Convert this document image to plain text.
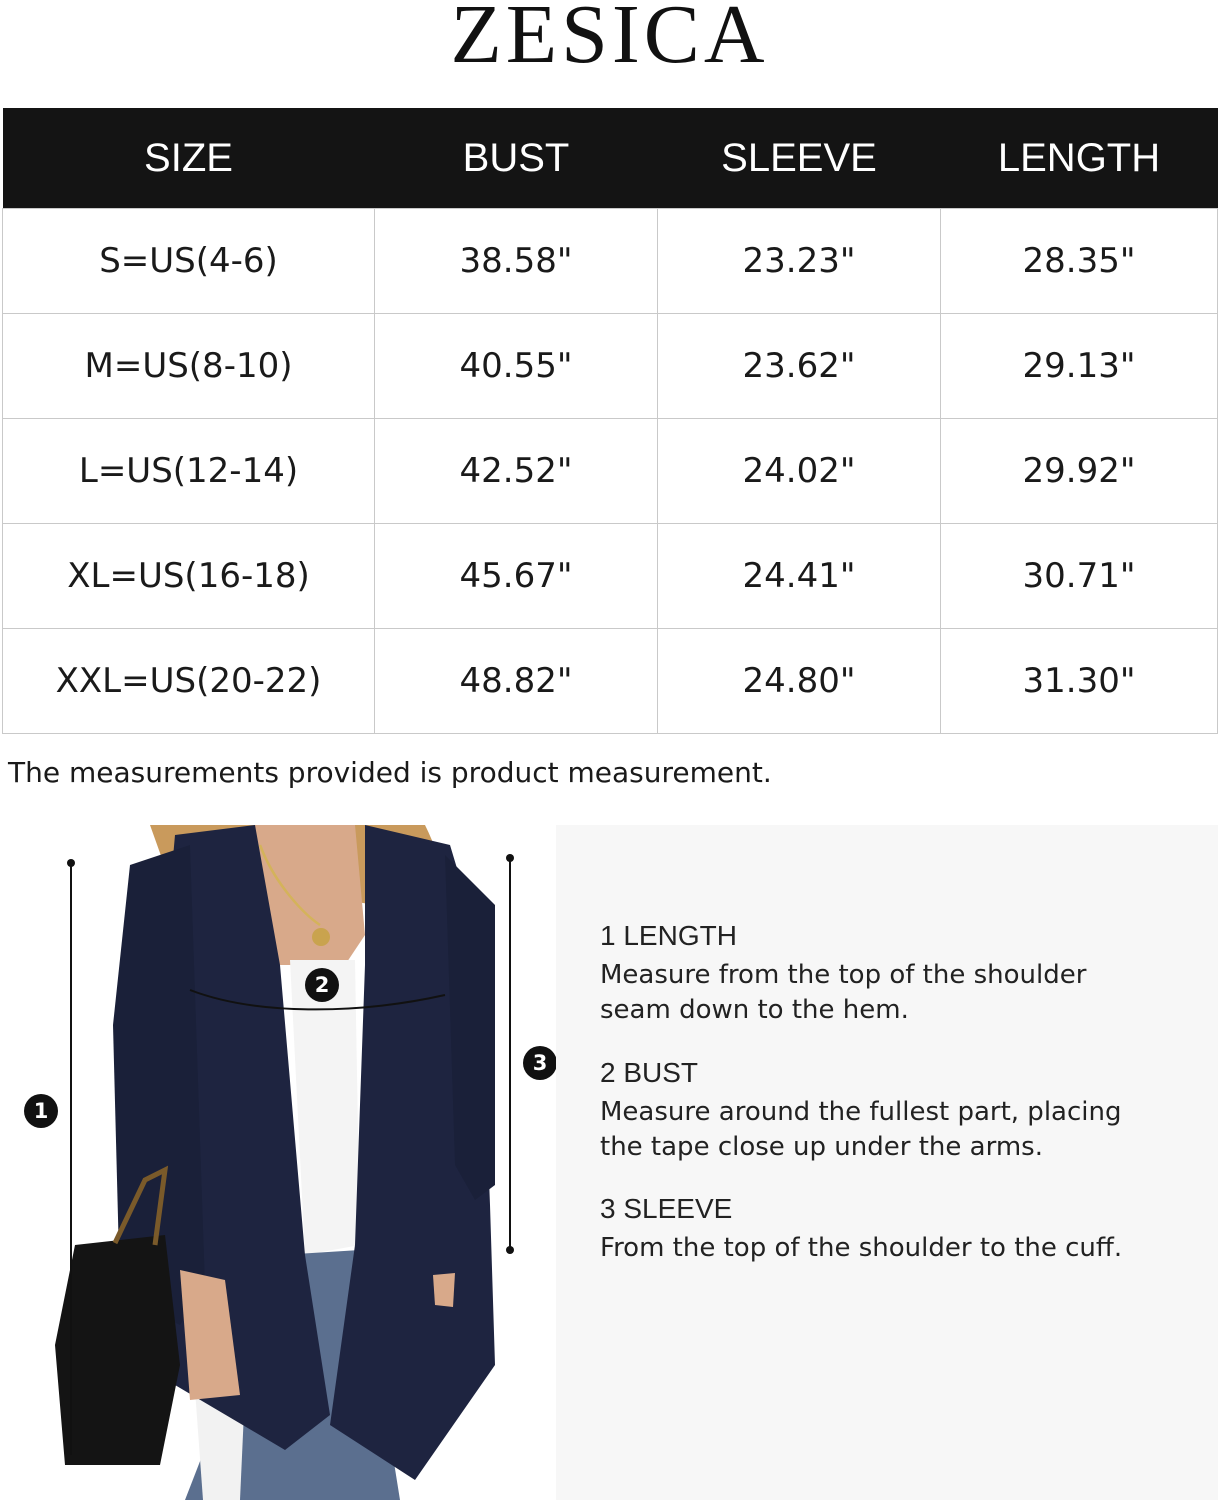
ZESICA
SIZE	BUST	SLEEVE	LENGTH
S=US(4-6)	38.58"	23.23"	28.35"
M=US(8-10)	40.55"	23.62"	29.13"
L=US(12-14)	42.52"	24.02"	29.92"
XL=US(16-18)	45.67"	24.41"	30.71"
XXL=US(20-22)	48.82"	24.80"	31.30"
The measurements provided is product measurement.
1
2
3
1 LENGTH
Measure from the top of the shoulder
seam down to the hem.
2 BUST
Measure around the fullest part, placing
the tape close up under the arms.
3 SLEEVE
From the top of the shoulder to the cuff.
